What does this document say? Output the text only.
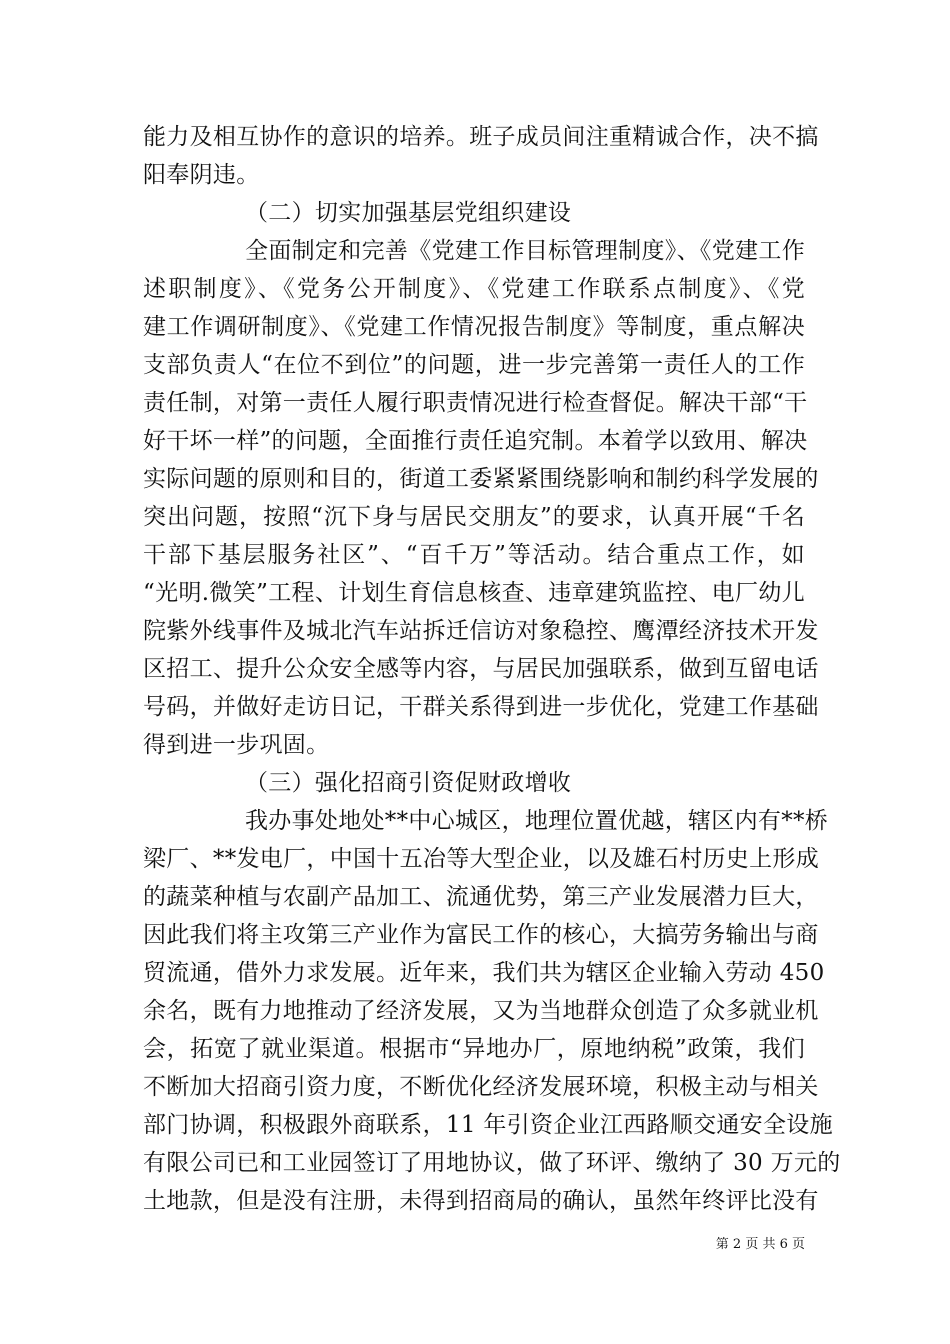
能力及相互协作的意识的培养。班子成员间注重精诚合作，决不搞
阳奉阴违。
（二）切实加强基层党组织建设
全面制定和完善《党建工作目标管理制度》、《党建工作
述职制度》、《党务公开制度》、《党建工作联系点制度》、《党
建工作调研制度》、《党建工作情况报告制度》等制度，重点解决
支部负责人“在位不到位”的问题，进一步完善第一责任人的工作
责任制，对第一责任人履行职责情况进行检查督促。解决干部“干
好干坏一样”的问题，全面推行责任追究制。本着学以致用、解决
实际问题的原则和目的，街道工委紧紧围绕影响和制约科学发展的
突出问题，按照“沉下身与居民交朋友”的要求，认真开展“千名
干部下基层服务社区”、“百千万”等活动。结合重点工作，如
“光明.微笑”工程、计划生育信息核查、违章建筑监控、电厂幼儿
院紫外线事件及城北汽车站拆迁信访对象稳控、鹰潭经济技术开发
区招工、提升公众安全感等内容，与居民加强联系，做到互留电话
号码，并做好走访日记，干群关系得到进一步优化，党建工作基础
得到进一步巩固。
（三）强化招商引资促财政增收
我办事处地处**中心城区，地理位置优越，辖区内有**桥
梁厂、**发电厂，中国十五冶等大型企业，以及雄石村历史上形成
的蔬菜种植与农副产品加工、流通优势，第三产业发展潜力巨大，
因此我们将主攻第三产业作为富民工作的核心，大搞劳务输出与商
贸流通，借外力求发展。近年来，我们共为辖区企业输入劳动 450
余名，既有力地推动了经济发展，又为当地群众创造了众多就业机
会，拓宽了就业渠道。根据市“异地办厂，原地纳税”政策，我们
不断加大招商引资力度，不断优化经济发展环境，积极主动与相关
部门协调，积极跟外商联系，11 年引资企业江西路顺交通安全设施
有限公司已和工业园签订了用地协议，做了环评、缴纳了 30 万元的
土地款，但是没有注册，未得到招商局的确认，虽然年终评比没有
第 2 页 共 6 页
